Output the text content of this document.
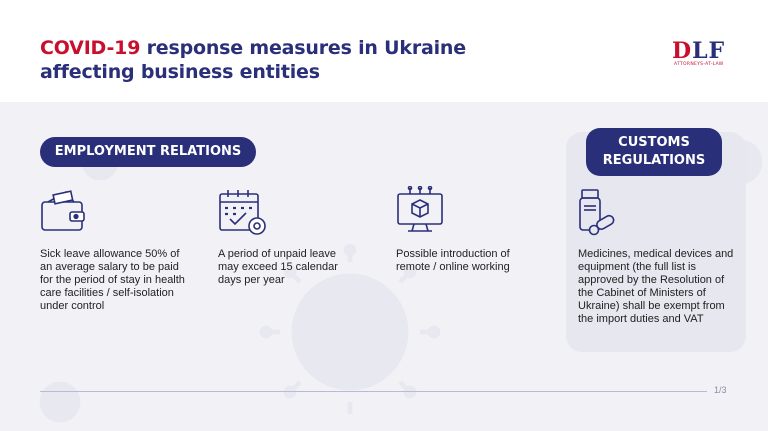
COVID-19 response measures in Ukraine
affecting business entities
DLF
ATTORNEYS-AT-LAW
EMPLOYMENT RELATIONS
CUSTOMS REGULATIONS
Sick leave allowance 50% of an average salary to be paid for the period of stay in health care facilities / self-isolation under control
A period of unpaid leave may exceed 15 calendar days per year
Possible introduction of remote / online working
Medicines, medical devices and equipment (the full list is approved by the Resolution of the Cabinet of Ministers of Ukraine) shall be exempt from the import duties and VAT
1/3
